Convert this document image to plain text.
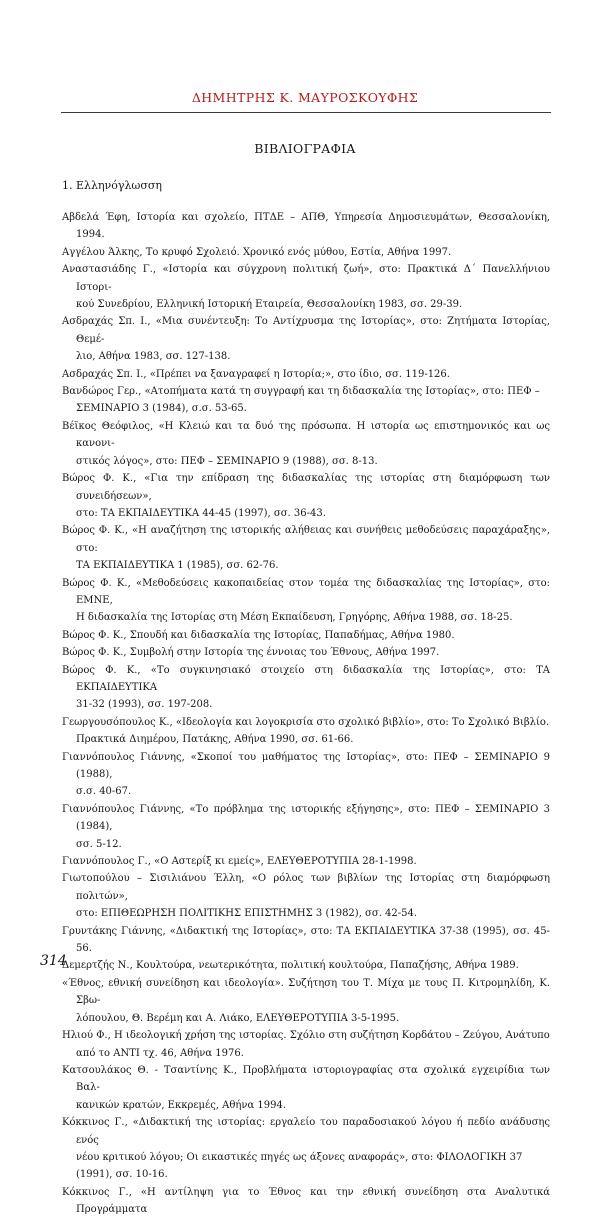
ΔΗΜΗΤΡΗΣ Κ. ΜΑΥΡΟΣΚΟΥΦΗΣ
ΒΙΒΛΙΟΓΡΑΦΙΑ
1. Ελληνόγλωσση
Αβδελά Έφη, Ιστορία και σχολείο, ΠΤΔΕ – ΑΠΘ, Υπηρεσία Δημοσιευμάτων, Θεσσαλονίκη, 1994.
Αγγέλου Άλκης, Το κρυφό Σχολειό. Χρονικό ενός μύθου, Εστία, Αθήνα 1997.
Αναστασιάδης Γ., «Ιστορία και σύγχρονη πολιτική ζωή», στο: Πρακτικά Δ΄ Πανελλήνιου Ιστορι-
κού Συνεδρίου, Ελληνική Ιστορική Εταιρεία, Θεσσαλονίκη 1983, σσ. 29-39.
Ασδραχάς Σπ. Ι., «Μια συνέντευξη: Το Αντίχρυσμα της Ιστορίας», στο: Ζητήματα Ιστορίας, Θεμέ-
λιο, Αθήνα 1983, σσ. 127-138.
Ασδραχάς Σπ. Ι., «Πρέπει να ξαναγραφεί η Ιστορία;», στο ίδιο, σσ. 119-126.
Βανδώρος Γερ., «Ατοπήματα κατά τη συγγραφή και τη διδασκαλία της Ιστορίας», στο: ΠΕΦ –
ΣΕΜΙΝΑΡΙΟ 3 (1984), σ.σ. 53-65.
Βέϊκος Θεόφιλος, «Η Κλειώ και τα δυό της πρόσωπα. Η ιστορία ως επιστημονικός και ως κανονι-
στικός λόγος», στο: ΠΕΦ – ΣΕΜΙΝΑΡΙΟ 9 (1988), σσ. 8-13.
Βώρος Φ. Κ., «Για την επίδραση της διδασκαλίας της ιστορίας στη διαμόρφωση των συνειδήσεων»,
στο: ΤΑ ΕΚΠΑΙΔΕΥΤΙΚΑ 44-45 (1997), σσ. 36-43.
Βώρος Φ. Κ., «Η αναζήτηση της ιστορικής αλήθειας και συνήθεις μεθοδεύσεις παραχάραξης», στο:
ΤΑ ΕΚΠΑΙΔΕΥΤΙΚΑ 1 (1985), σσ. 62-76.
Βώρος Φ. Κ., «Μεθοδεύσεις κακοπαιδείας στον τομέα της διδασκαλίας της Ιστορίας», στο: ΕΜΝΕ,
Η διδασκαλία της Ιστορίας στη Μέση Εκπαίδευση, Γρηγόρης, Αθήνα 1988, σσ. 18-25.
Βώρος Φ. Κ., Σπουδή και διδασκαλία της Ιστορίας, Παπαδήμας, Αθήνα 1980.
Βώρος Φ. Κ., Συμβολή στην Ιστορία της έννοιας του Έθνους, Αθήνα 1997.
Βώρος Φ. Κ., «Το συγκινησιακό στοιχείο στη διδασκαλία της Ιστορίας», στο: ΤΑ ΕΚΠΑΙΔΕΥΤΙΚΑ
31-32 (1993), σσ. 197-208.
Γεωργουσόπουλος Κ., «Ιδεολογία και λογοκρισία στο σχολικό βιβλίο», στο: Το Σχολικό Βιβλίο.
Πρακτικά Διημέρου, Πατάκης, Αθήνα 1990, σσ. 61-66.
Γιαννόπουλος Γιάννης, «Σκοποί του μαθήματος της Ιστορίας», στο: ΠΕΦ – ΣΕΜΙΝΑΡΙΟ 9 (1988),
σ.σ. 40-67.
Γιαννόπουλος Γιάννης, «Το πρόβλημα της ιστορικής εξήγησης», στο: ΠΕΦ – ΣΕΜΙΝΑΡΙΟ 3 (1984),
σσ. 5-12.
Γιαννόπουλος Γ., «Ο Αστερίξ κι εμείς», ΕΛΕΥΘΕΡΟΤΥΠΙΑ 28-1-1998.
Γιωτοπούλου – Σισιλιάνου Έλλη, «Ο ρόλος των βιβλίων της Ιστορίας στη διαμόρφωση πολιτών»,
στο: ΕΠΙΘΕΩΡΗΣΗ ΠΟΛΙΤΙΚΗΣ ΕΠΙΣΤΗΜΗΣ 3 (1982), σσ. 42-54.
Γρυντάκης Γιάννης, «Διδακτική της Ιστορίας», στο: ΤΑ ΕΚΠΑΙΔΕΥΤΙΚΑ 37-38 (1995), σσ. 45-56.
Δεμερτζής Ν., Κουλτούρα, νεωτερικότητα, πολιτική κουλτούρα, Παπαζήσης, Αθήνα 1989.
«Έθνος, εθνική συνείδηση και ιδεολογία». Συζήτηση του Τ. Μίχα με τους Π. Κιτρομηλίδη, Κ. Σβω-
λόπουλου, Θ. Βερέμη και Α. Λιάκο, ΕΛΕΥΘΕΡΟΤΥΠΙΑ 3-5-1995.
Ηλιού Φ., Η ιδεολογική χρήση της ιστορίας. Σχόλιο στη συζήτηση Κορδάτου – Ζεύγου, Ανάτυπο
από το ΑΝΤΙ τχ. 46, Αθήνα 1976.
Κατσουλάκος Θ. - Τσαντίνης Κ., Προβλήματα ιστοριογραφίας στα σχολικά εγχειρίδια των Βαλ-
κανικών κρατών, Εκκρεμές, Αθήνα 1994.
Κόκκινος Γ., «Διδακτική της ιστορίας: εργαλείο του παραδοσιακού λόγου ή πεδίο ανάδυσης ενός
νέου κριτικού λόγου; Οι εικαστικές πηγές ως άξονες αναφοράς», στο: ΦΙΛΟΛΟΓΙΚΗ 37
(1991), σσ. 10-16.
Κόκκινος Γ., «Η αντίληψη για το Έθνος και την εθνική συνείδηση στα Αναλυτικά Προγράμματα
314
